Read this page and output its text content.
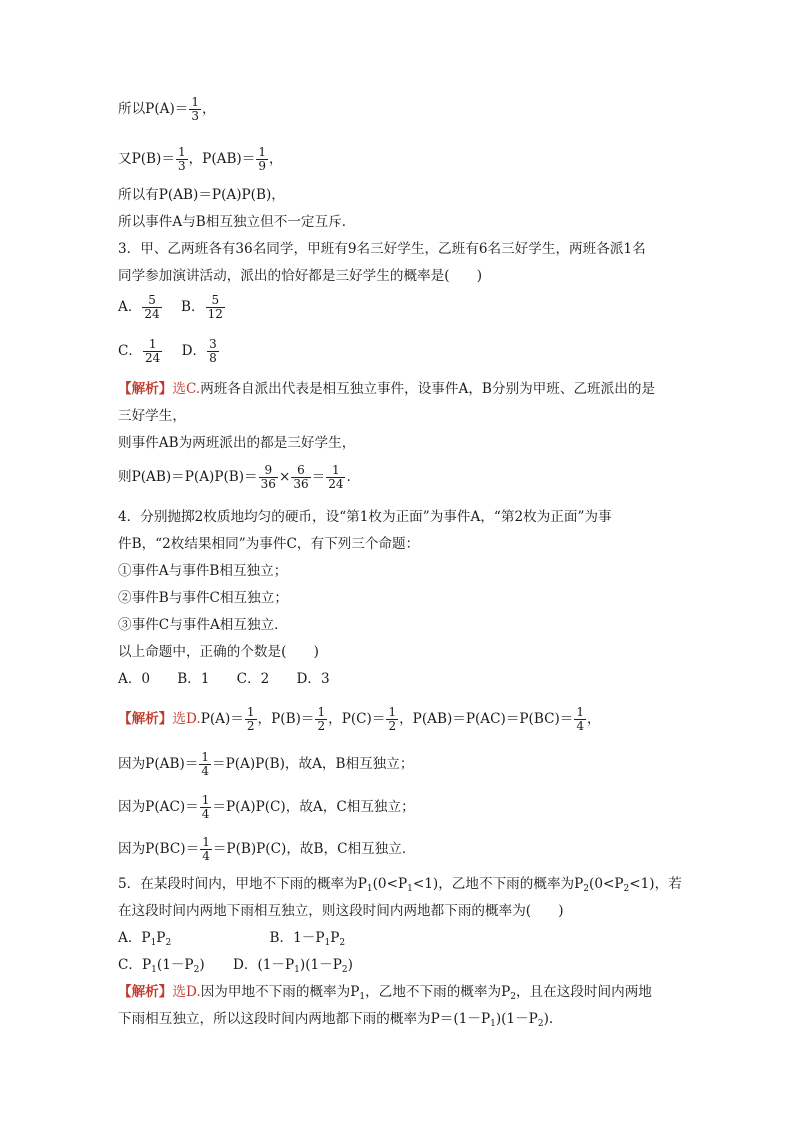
所以$P(A)= \frac{1}{3}$ ，
又$P(B)= \frac{1}{3}$ ，$P(AB)= \frac{1}{9}$ ，
所以有P(AB)＝P(A)P(B)，
所以事件A与B相互独立但不一定互斥．
3．甲、乙两班各有36名同学，甲班有9名三好学生，乙班有6名三好学生，两班各派1名
同学参加演讲活动，派出的恰好都是三好学生的概率是(　　)
A． $\frac{5}{24}$ B． $\frac{5}{12}$
C． $\frac{1}{24}$ D． $\frac{3}{8}$
【解析】选C.两班各自派出代表是相互独立事件，设事件A，B分别为甲班、乙班派出的是
三好学生，
则事件AB为两班派出的都是三好学生，
则$P(AB)=P(A)P(B)= \frac{9}{36} \times \frac{6}{36} = \frac{1}{24}$ .
4．分别抛掷2枚质地均匀的硬币，设“第1枚为正面”为事件A，“第2枚为正面”为事
件B，“2枚结果相同”为事件C，有下列三个命题：
①事件A与事件B相互独立；
②事件B与事件C相互独立；
③事件C与事件A相互独立．
以上命题中，正确的个数是(　　)
A．0　　B．1　　C．2　　D．3
【解析】选$D.P(A)= \frac{1}{2}$ ，$P(B)= \frac{1}{2}$ ，$P(C)= \frac{1}{2}$ ，$P(AB)=P(AC)=P(BC)= \frac{1}{4}$ ，
因为$P(AB)= \frac{1}{4} =P(A)P(B)$，故A，B相互独立；
因为$P(AC)= \frac{1}{4} =P(A)P(C)$，故A，C相互独立；
因为$P(BC)= \frac{1}{4} =P(B)P(C)$，故B，C相互独立．
5．在某段时间内，甲地不下雨的概率为$P_1(0<P_1<1)$，乙地不下雨的概率为$P_2(0<P_2<1)$，若
在这段时间内两地下雨相互独立，则这段时间内两地都下雨的概率为(　　)
A．$P_1P_2$	B．$1-P_1P_2$
C．$P_1(1-P_2)$ D．$(1-P_1)(1-P_2)$
【解析】选D.因为甲地不下雨的概率为$P_1$，乙地不下雨的概率为$P_2$，且在这段时间内两地
下雨相互独立，所以这段时间内两地都下雨的概率为$P=(1-P_1)(1-P_2)$.
